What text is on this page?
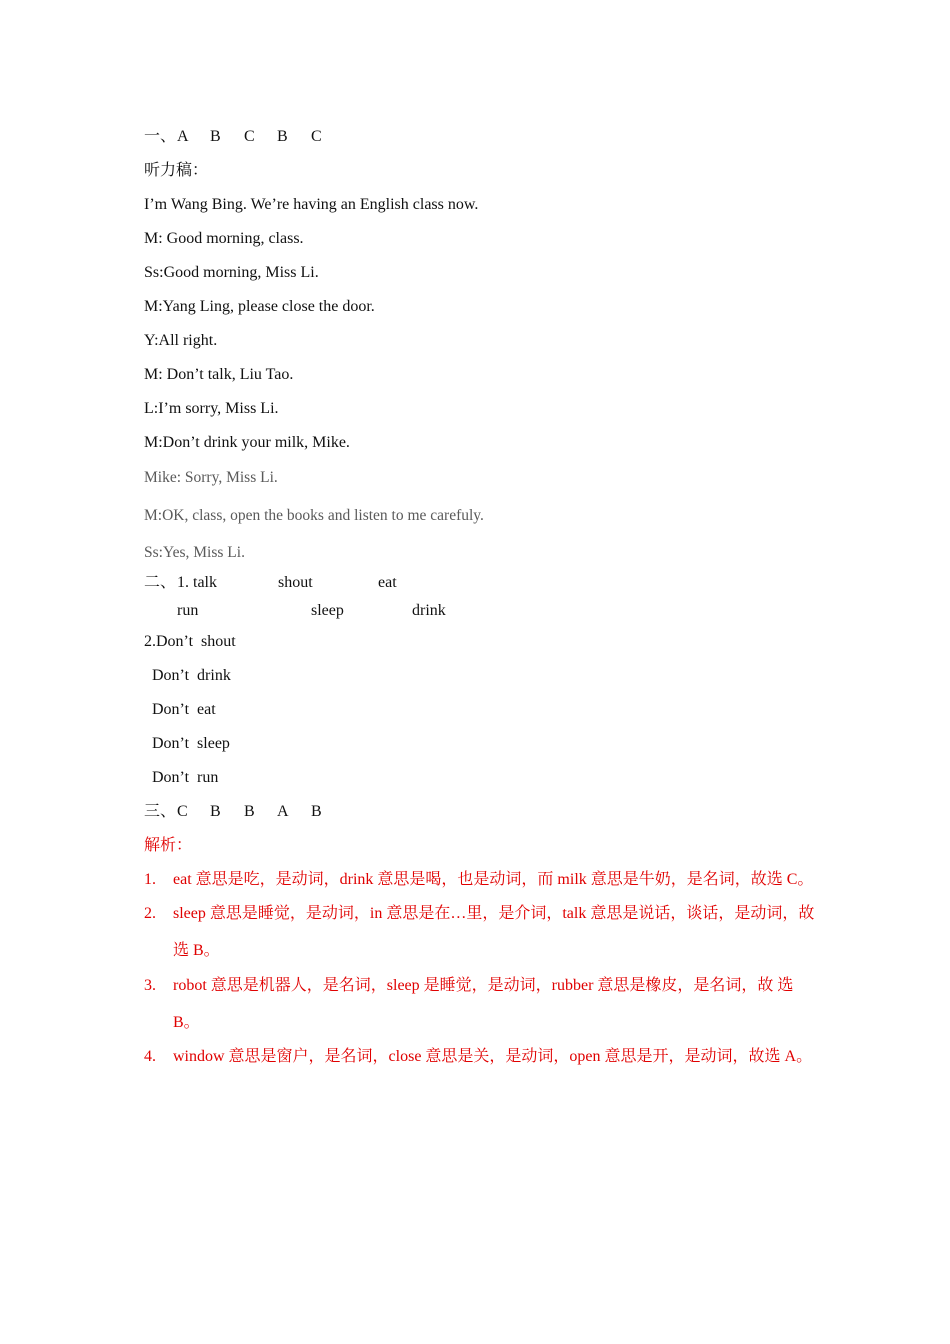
一、 A B C B C
听力稿：
I’m Wang Bing. We’re having an English class now.
M: Good morning, class.
Ss:Good morning, Miss Li.
M:Yang Ling, please close the door.
Y:All right.
M: Don’t talk, Liu Tao.
L:I’m sorry, Miss Li.
M:Don’t drink your milk, Mike.
Mike: Sorry, Miss Li.
M:OK, class, open the books and listen to me carefuly.
Ss:Yes, Miss Li.
二、 1. talk	shout	eat
run	sleep	drink
2.Don’t  shout
Don’t  drink
Don’t  eat
Don’t  sleep
Don’t  run
三、 C B B A B
解析：
1. eat 意思是吃，是动词，drink 意思是喝，也是动词，而 milk 意思是牛奶，是名词，故选 C。
2. sleep 意思是睡觉，是动词，in 意思是在…里，是介词，talk 意思是说话，谈话，是动词，故
选 B。
3. robot 意思是机器人，是名词，sleep 是睡觉，是动词，rubber 意思是橡皮，是名词，故 选
B。
4. window 意思是窗户，是名词，close 意思是关，是动词，open 意思是开，是动词，故选 A。
